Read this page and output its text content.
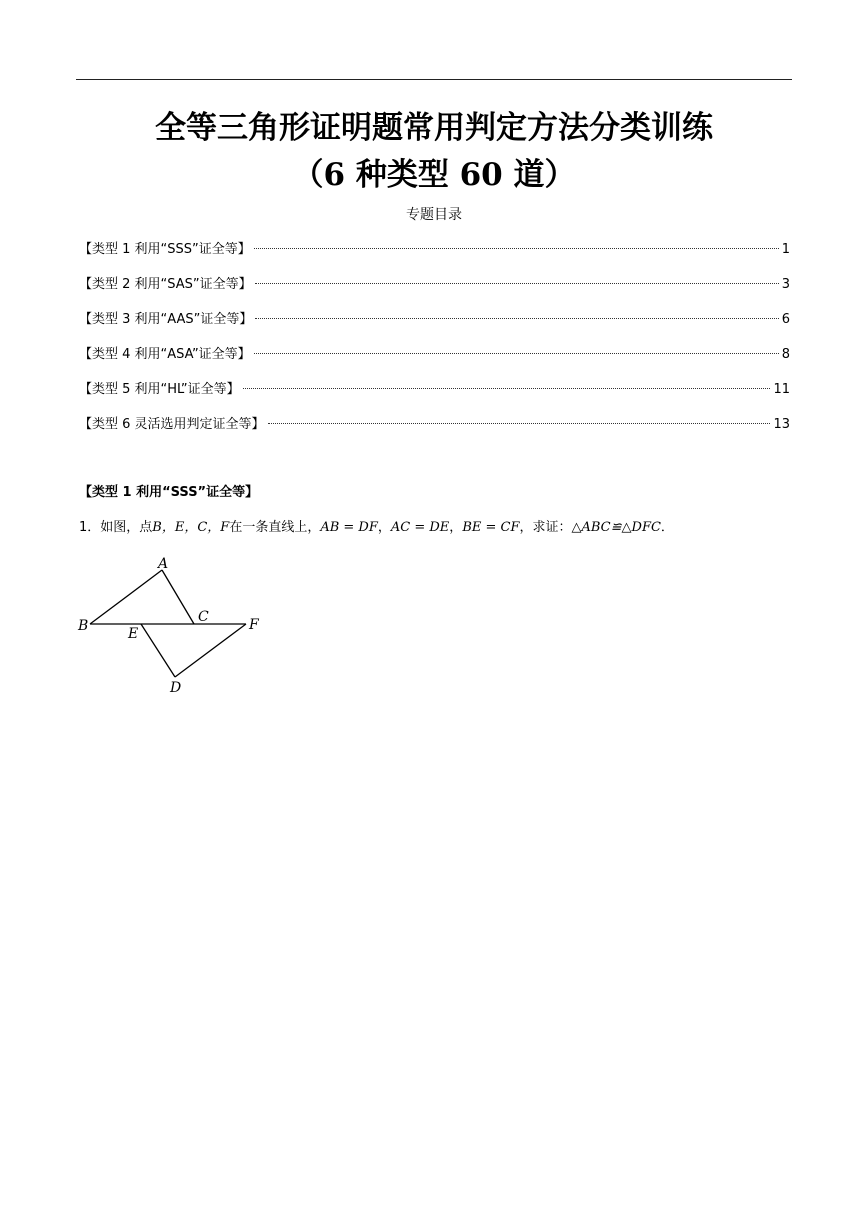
全等三角形证明题常用判定方法分类训练
（6 种类型 60 道）
专题目录
【类型 1 利用“SSS”证全等】	1
【类型 2 利用“SAS”证全等】	3
【类型 3 利用“AAS”证全等】	6
【类型 4 利用“ASA”证全等】	8
【类型 5 利用“HL”证全等】	11
【类型 6 灵活选用判定证全等】	13
【类型 1 利用“SSS”证全等】
1．如图，点B，E，C，F在一条直线上，AB = DF，AC = DE，BE = CF，求证：△ABC≌△DFC．
A
B
C
E
F
D
